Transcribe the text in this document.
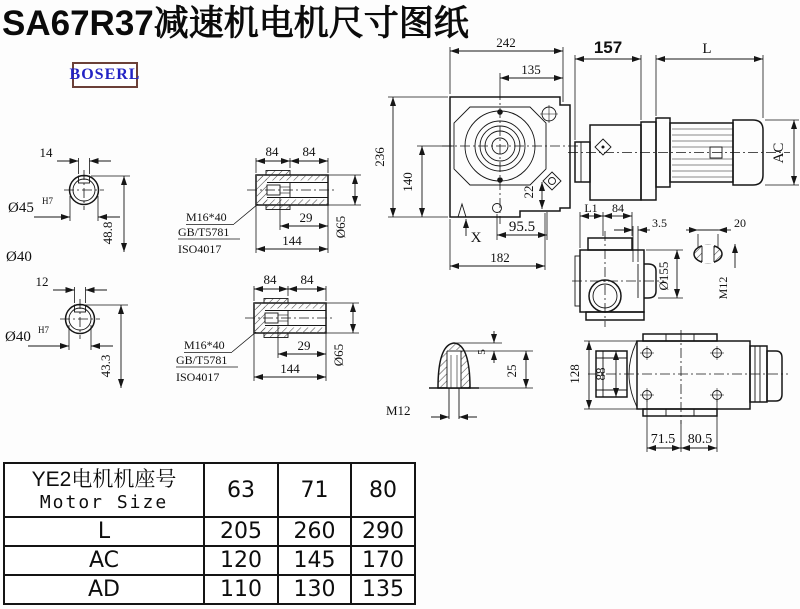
SA67R37减速机电机尺寸图纸
BOSERL
14
Ø45 H7
48.8
Ø40
12
Ø40 H7
43.3
84 84
M16*40
GB/T5781
ISO4017
29
144
Ø65
84 84
M16*40
GB/T5781
ISO4017
29
144
Ø65
242
135
236
140
22
95.5
X
182
157	L
AC
L1 84
3.5	20
Ø155	M12
128 88
71.5 80.5
M12
5
25
YE2电机机座号
Motor Size	63	71	80
L	205	260	290
AC	120	145	170
AD	110	130	135
